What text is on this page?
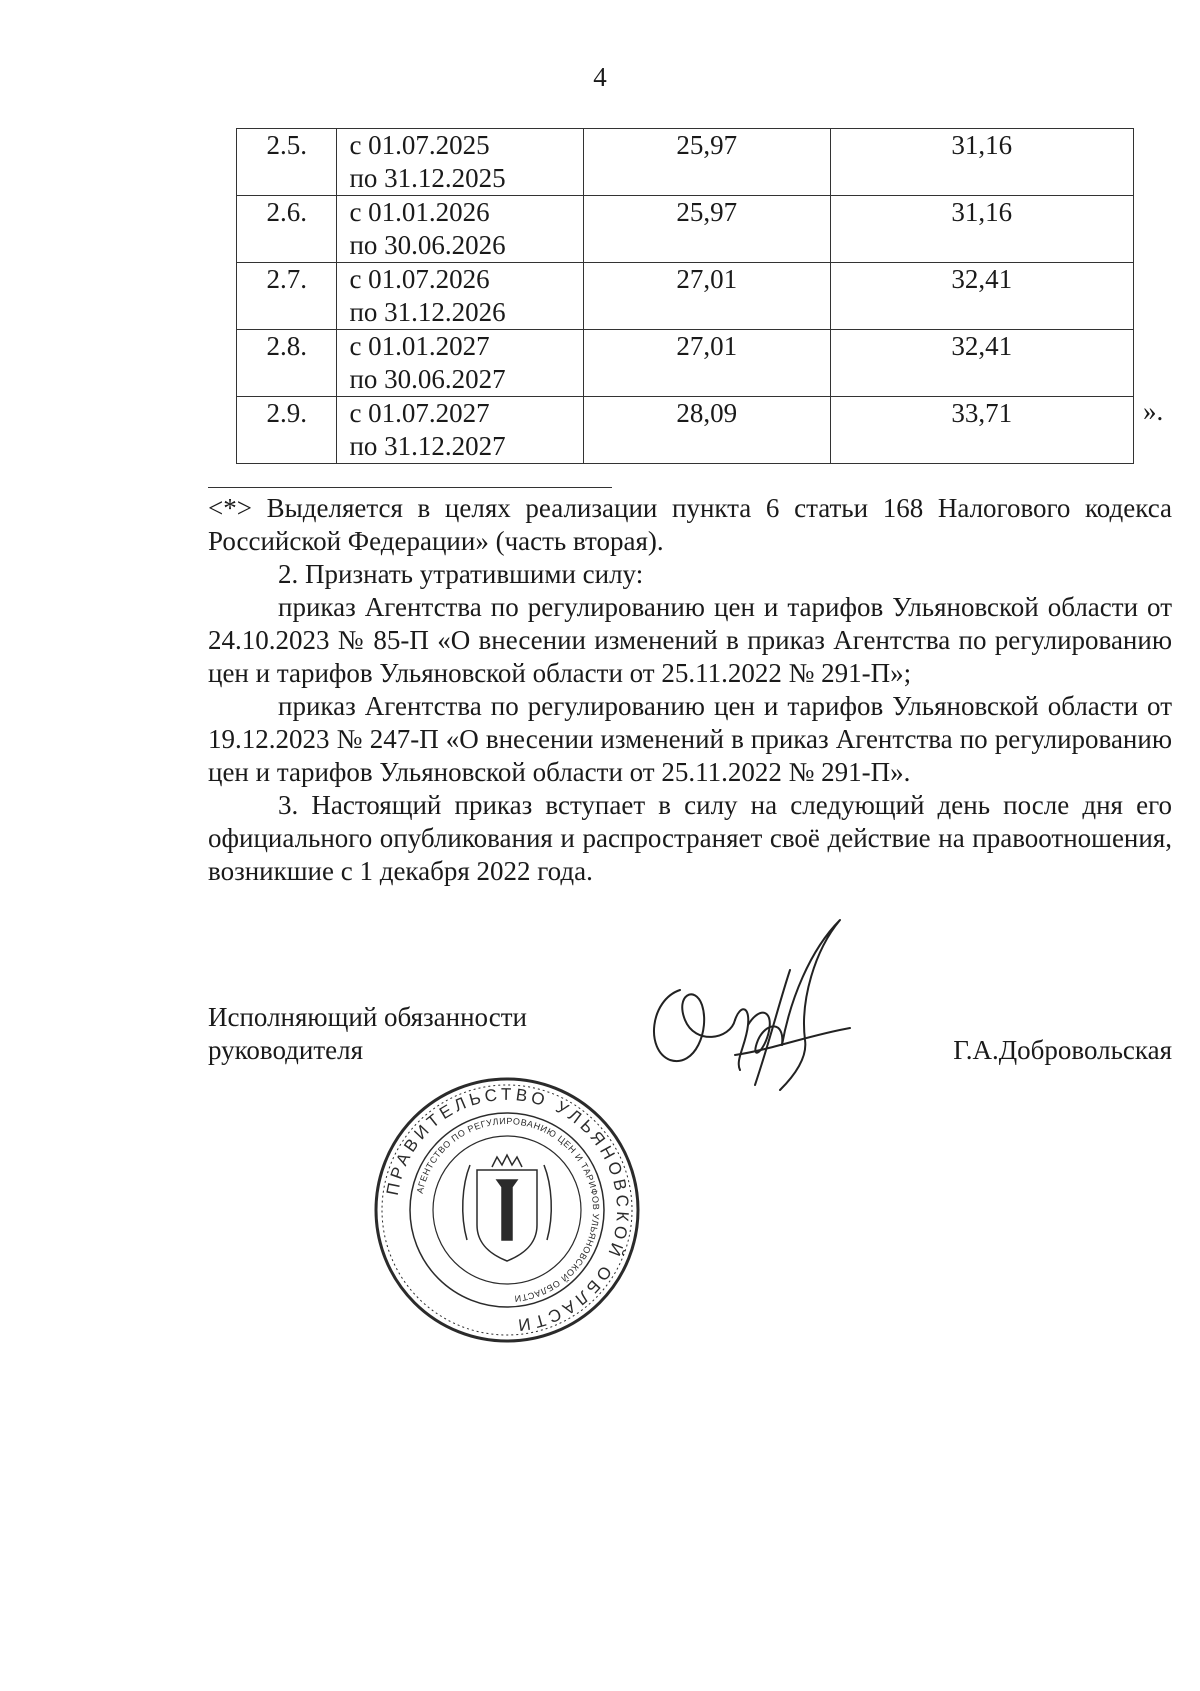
4
2.5.	с 01.07.2025
по 31.12.2025	25,97	31,16
2.6.	с 01.01.2026
по 30.06.2026	25,97	31,16
2.7.	с 01.07.2026
по 31.12.2026	27,01	32,41
2.8.	с 01.01.2027
по 30.06.2027	27,01	32,41
2.9.	с 01.07.2027
по 31.12.2027	28,09	33,71	».

<*> Выделяется в целях реализации пункта 6 статьи 168 Налогового кодекса Российской Федерации» (часть вторая).

2. Признать утратившими силу:

приказ Агентства по регулированию цен и тарифов Ульяновской области от 24.10.2023 № 85-П «О внесении изменений в приказ Агентства по регулированию цен и тарифов Ульяновской области от 25.11.2022 № 291-П»;

приказ Агентства по регулированию цен и тарифов Ульяновской области от 19.12.2023 № 247-П «О внесении изменений в приказ Агентства по регулированию цен и тарифов Ульяновской области от 25.11.2022 № 291-П».

3. Настоящий приказ вступает в силу на следующий день после дня его официального опубликования и распространяет своё действие на правоотношения, возникшие с 1 декабря 2022 года.

Исполняющий обязанности
руководителя	Г.А.Добровольская
ПРАВИТЕЛЬСТВО УЛЬЯНОВСКОЙ ОБЛАСТИ
АГЕНТСТВО ПО РЕГУЛИРОВАНИЮ ЦЕН И ТАРИФОВ УЛЬЯНОВСКОЙ ОБЛАСТИ
